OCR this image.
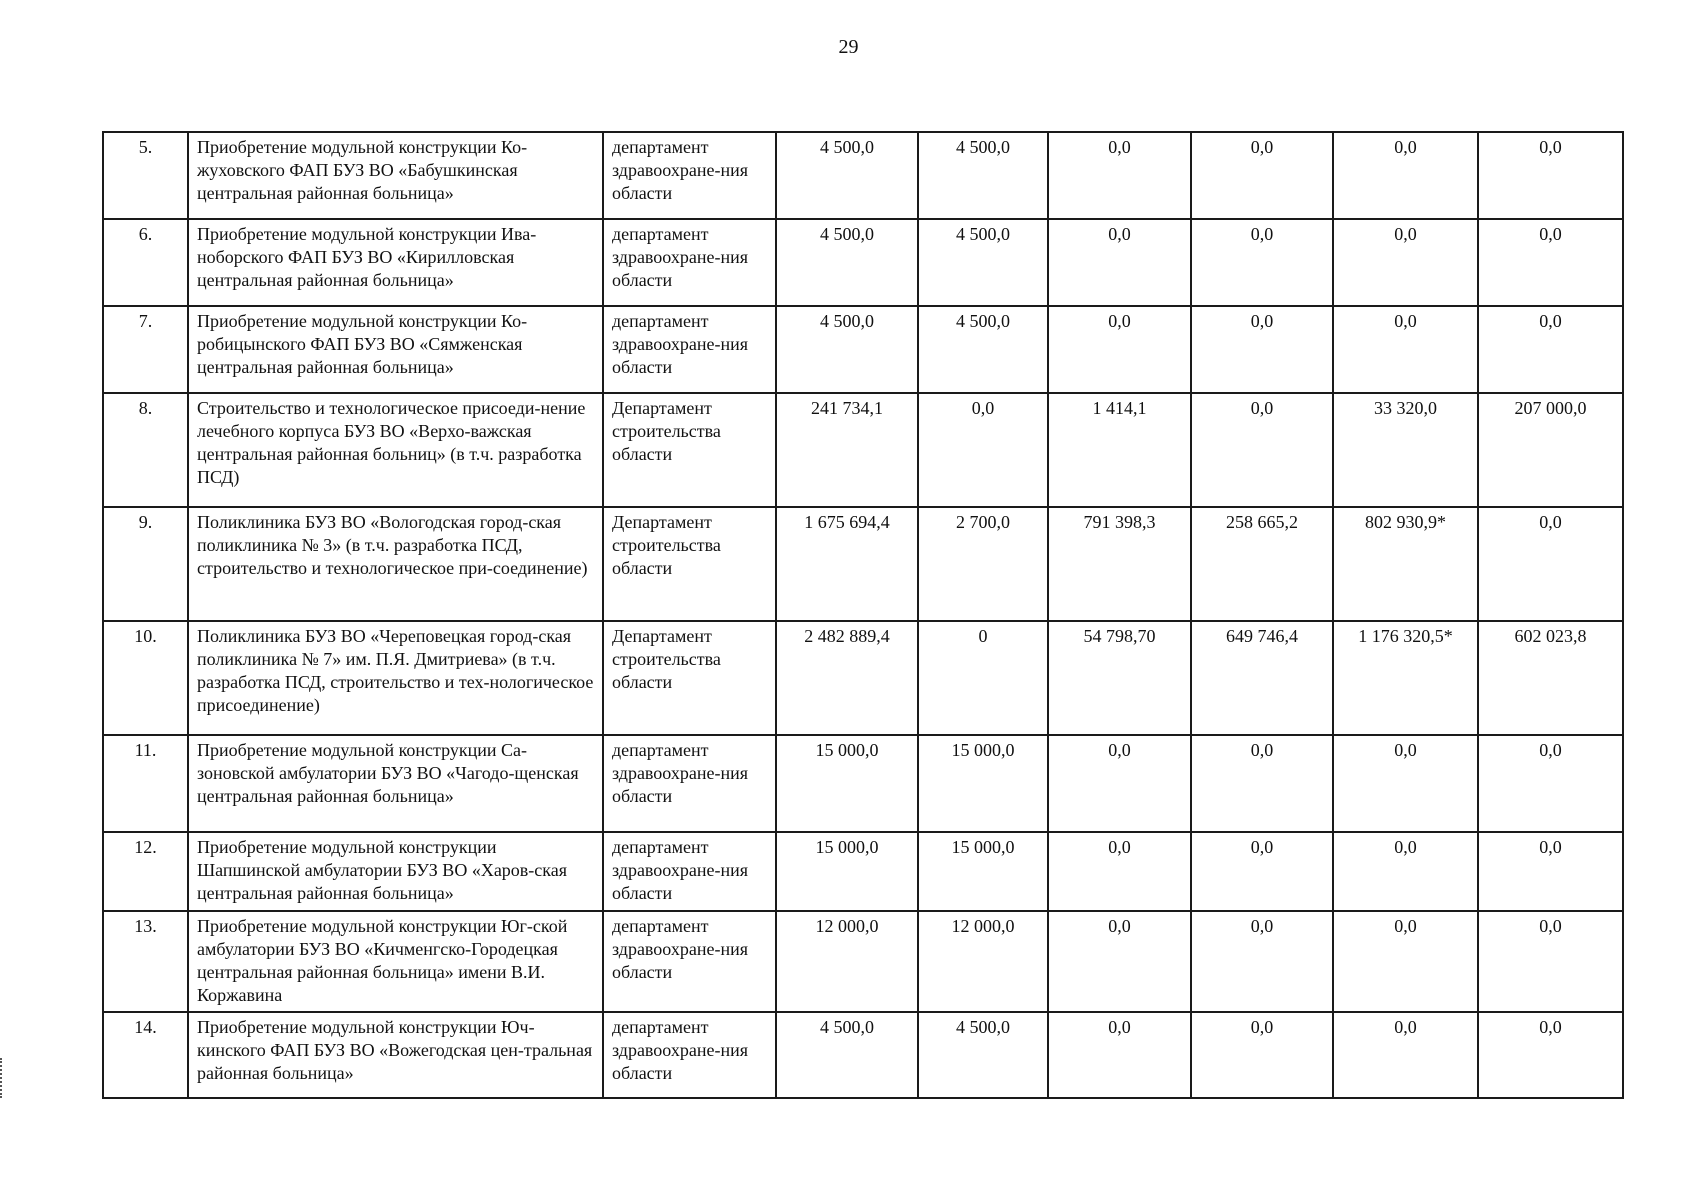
29
5.	Приобретение модульной конструкции Ко-жуховского ФАП БУЗ ВО «Бабушкинская центральная районная больница»	департамент здравоохране-ния области	4 500,0	4 500,0	0,0	0,0	0,0	0,0
6.	Приобретение модульной конструкции Ива-ноборского ФАП БУЗ ВО «Кирилловская центральная районная больница»	департамент здравоохране-ния области	4 500,0	4 500,0	0,0	0,0	0,0	0,0
7.	Приобретение модульной конструкции Ко-робицынского ФАП БУЗ ВО «Сямженская центральная районная больница»	департамент здравоохране-ния области	4 500,0	4 500,0	0,0	0,0	0,0	0,0
8.	Строительство и технологическое присоеди-нение лечебного корпуса БУЗ ВО «Верхо-важская центральная районная больниц» (в т.ч. разработка ПСД)	Департамент строительства области	241 734,1	0,0	1 414,1	0,0	33 320,0	207 000,0
9.	Поликлиника БУЗ ВО «Вологодская город-ская поликлиника № 3» (в т.ч. разработка ПСД, строительство и технологическое при-соединение)	Департамент строительства области	1 675 694,4	2 700,0	791 398,3	258 665,2	802 930,9*	0,0
10.	Поликлиника БУЗ ВО «Череповецкая город-ская поликлиника № 7» им. П.Я. Дмитриева» (в т.ч. разработка ПСД, строительство и тех-нологическое присоединение)	Департамент строительства области	2 482 889,4	0	54 798,70	649 746,4	1 176 320,5*	602 023,8
11.	Приобретение модульной конструкции Са-зоновской амбулатории БУЗ ВО «Чагодо-щенская центральная районная больница»	департамент здравоохране-ния области	15 000,0	15 000,0	0,0	0,0	0,0	0,0
12.	Приобретение модульной конструкции Шапшинской амбулатории БУЗ ВО «Харов-ская центральная районная больница»	департамент здравоохране-ния области	15 000,0	15 000,0	0,0	0,0	0,0	0,0
13.	Приобретение модульной конструкции Юг-ской амбулатории БУЗ ВО «Кичменгско-Городецкая центральная районная больница» имени В.И. Коржавина	департамент здравоохране-ния области	12 000,0	12 000,0	0,0	0,0	0,0	0,0
14.	Приобретение модульной конструкции Юч-кинского ФАП БУЗ ВО «Вожегодская цен-тральная районная больница»	департамент здравоохране-ния области	4 500,0	4 500,0	0,0	0,0	0,0	0,0
